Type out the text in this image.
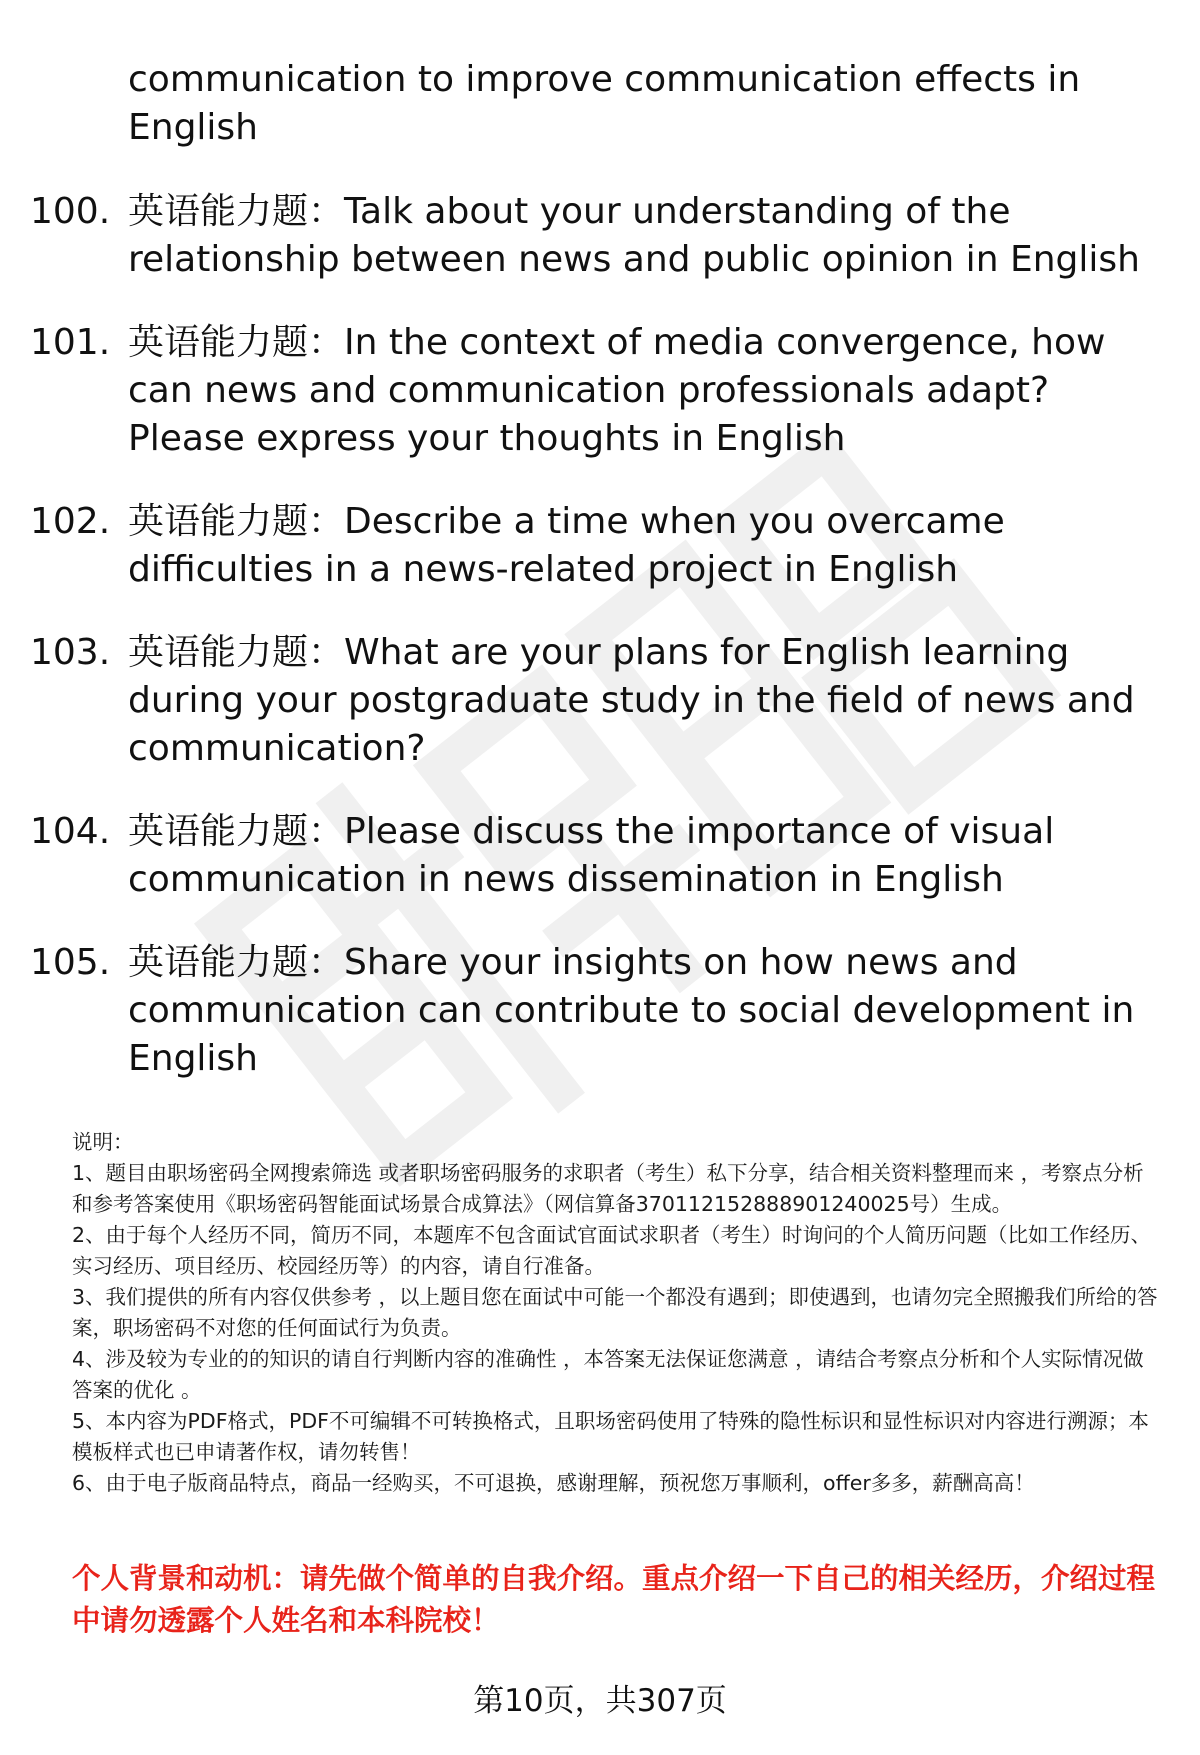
communication to improve communication effects in English
100. 英语能力题：Talk about your understanding of the relationship between news and public opinion in English
101. 英语能力题：In the context of media convergence, how can news and communication professionals adapt? Please express your thoughts in English
102. 英语能力题：Describe a time when you overcame difficulties in a news-related project in English
103. 英语能力题：What are your plans for English learning during your postgraduate study in the field of news and communication?
104. 英语能力题：Please discuss the importance of visual communication in news dissemination in English
105. 英语能力题：Share your insights on how news and communication can contribute to social development in English

说明：

1、题目由职场密码全网搜索筛选 或者职场密码服务的求职者（考生）私下分享，结合相关资料整理而来 ，考察点分析和参考答案使用《职场密码智能面试场景合成算法》（网信算备370112152888901240025号）生成。

2、由于每个人经历不同，简历不同，本题库不包含面试官面试求职者（考生）时询问的个人简历问题（比如工作经历、实习经历、项目经历、校园经历等）的内容，请自行准备。

3、我们提供的所有内容仅供参考 ，以上题目您在面试中可能一个都没有遇到；即使遇到，也请勿完全照搬我们所给的答案，职场密码不对您的任何面试行为负责。

4、涉及较为专业的的知识的请自行判断内容的准确性 ，本答案无法保证您满意 ，请结合考察点分析和个人实际情况做答案的优化 。

5、本内容为PDF格式，PDF不可编辑不可转换格式，且职场密码使用了特殊的隐性标识和显性标识对内容进行溯源；本模板样式也已申请著作权，请勿转售！

6、由于电子版商品特点，商品一经购买，不可退换，感谢理解，预祝您万事顺利，offer多多，薪酬高高！

个人背景和动机：请先做个简单的自我介绍。重点介绍一下自己的相关经历，介绍过程中请勿透露个人姓名和本科院校！
第10页，共307页
